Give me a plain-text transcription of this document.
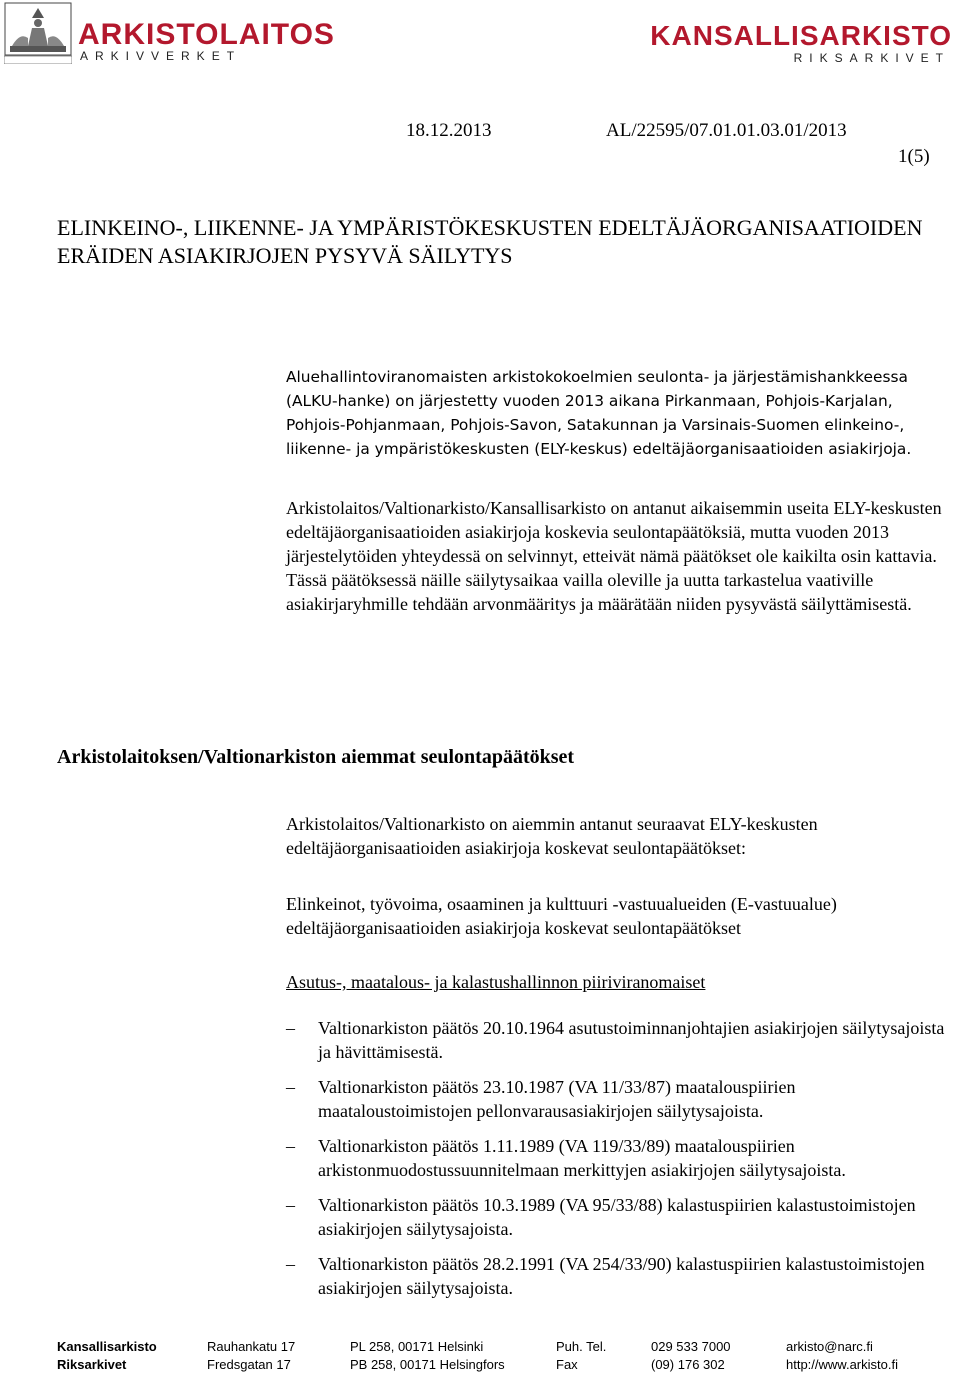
ARKISTOLAITOS
ARKIVVERKET
KANSALLISARKISTO
RIKSARKIVET
18.12.2013	AL/22595/07.01.01.03.01/2013
1(5)
ELINKEINO-, LIIKENNE- JA YMPÄRISTÖKESKUSTEN EDELTÄJÄORGANISAATIOIDEN ERÄIDEN ASIAKIRJOJEN PYSYVÄ SÄILYTYS
Aluehallintoviranomaisten arkistokokoelmien seulonta- ja järjestämishankkeessa (ALKU-hanke) on järjestetty vuoden 2013 aikana Pirkanmaan, Pohjois-Karjalan, Pohjois-Pohjanmaan, Pohjois-Savon, Satakunnan ja Varsinais-Suomen elinkeino-, liikenne- ja ympäristökeskusten (ELY-keskus) edeltäjäorganisaatioiden asiakirjoja.
Arkistolaitos/Valtionarkisto/Kansallisarkisto on antanut aikaisemmin useita ELY-keskusten edeltäjäorganisaatioiden asiakirjoja koskevia seulontapäätöksiä, mutta vuoden 2013 järjestelytöiden yhteydessä on selvinnyt, etteivät nämä päätökset ole kaikilta osin kattavia. Tässä päätöksessä näille säilytysaikaa vailla oleville ja uutta tarkastelua vaativille asiakirjaryhmille tehdään arvonmääritys ja määrätään niiden pysyvästä säilyttämisestä.
Arkistolaitoksen/Valtionarkiston aiemmat seulontapäätökset
Arkistolaitos/Valtionarkisto on aiemmin antanut seuraavat ELY-keskusten edeltäjäorganisaatioiden asiakirjoja koskevat seulontapäätökset:
Elinkeinot, työvoima, osaaminen ja kulttuuri -vastuualueiden (E-vastuualue) edeltäjäorganisaatioiden asiakirjoja koskevat seulontapäätökset
Asutus-, maatalous- ja kalastushallinnon piiriviranomaiset
– Valtionarkiston päätös 20.10.1964 asutustoiminnanjohtajien asiakirjojen säilytysajoista ja hävittämisestä.
– Valtionarkiston päätös 23.10.1987 (VA 11/33/87) maatalouspiirien maataloustoimistojen pellonvarausasiakirjojen säilytysajoista.
– Valtionarkiston päätös 1.11.1989 (VA 119/33/89) maatalouspiirien arkistonmuodostussuunnitelmaan merkittyjen asiakirjojen säilytysajoista.
– Valtionarkiston päätös 10.3.1989 (VA 95/33/88) kalastuspiirien kalastustoimistojen asiakirjojen säilytysajoista.
– Valtionarkiston päätös 28.2.1991 (VA 254/33/90) kalastuspiirien kalastustoimistojen asiakirjojen säilytysajoista.
Kansallisarkisto
Riksarkivet
Rauhankatu 17
Fredsgatan 17
PL 258, 00171 Helsinki
PB 258, 00171 Helsingfors
Puh. Tel.
Fax
029 533 7000
(09) 176 302
arkisto@narc.fi
http://www.arkisto.fi
